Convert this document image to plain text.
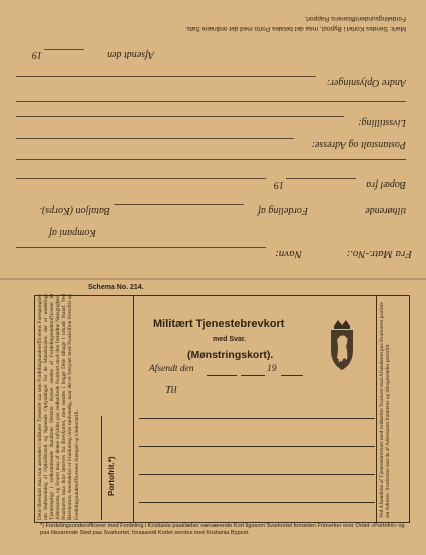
Mark: Sendes Kortet i Bypost, maa det betales Porto med det ordinære Sats.
Fordelingsunderofficerens Rapport.
Afsendt den
19
Andre Oplysninger:
Livsstilling:
Postanstalt og Adresse:
Bopæl fra
19
tilhørende
Fordeling af
Bataljon (Korps).
Kompani af
Fra Matr.-No.:
Navn:
Schema No. 214.
Dette Brevkort maa kun anvendes i militære Tjenester saa som Fordelingsunderofficerens Forespørgsler om Indberetning af Opholdssted og lignende Oplysninger for de Mandskaber, der er underlagt Tjenestepligt i vedkommende Batalions Distrikt. Kortet sendes af Fordelingsunderofficeren til Adressaten, og Svaret maa af denne utfyldes paa vedhæftede Svarkort med den fornødne Nøiagtighed. Svarkortet maa ikke løsrives fra Brevkortet, men sendes i begge Dele tilbage i uskadt Stand. Ved Brevkortets Anvendelse er Frankering ikke nødvendig, naar det er forsynet med Paaskriften Portofrit og Fordelingsunderofficerens Stempel og Underskrift.	Portofrit.*)	Ved Afsendelse af Tjenestebrevkort med vedhæftet Svarkort skal Afsenderen paa Svarkortet paaføre sin Adresse. Svarkortet kan da af Adressaten frankeres og tilbagesendes portofrit.
Militært Tjenestebrevkort
med Svar.
(Mønstringskort).
Afsendt den	19
Til
*) Fordelingsunderofficerer med Fordeling i Kristiania paaklæber nærværende Kort ligesom Svarkortet fornøden Frimerker over Ordet «Portofrit» og paa tilsvarende Sted paa Svarkortet, forsaavidt Kortet sendes med Kristiania Bypost.
